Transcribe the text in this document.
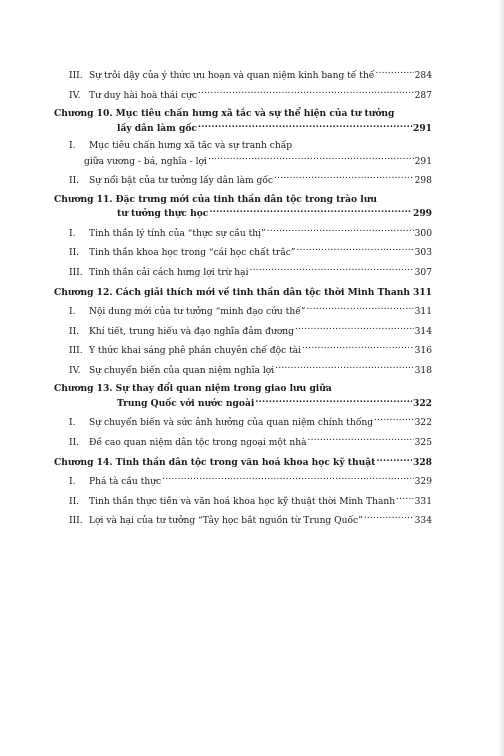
III. Sự trỗi dậy của ý thức ưu hoạn và quan niệm kinh bang tế thế .....	284
IV. Tư duy hài hoà thái cực .....	287
Chương 10. Mục tiêu chấn hưng xã tắc và sự thể hiện của tư tưởng
lấy dân làm gốc .....	291
I.	Mục tiêu chấn hưng xã tắc và sự tranh chấp
giữa vương - bá, nghĩa - lợi .....	291
II.	Sự nổi bật của tư tưởng lấy dân làm gốc .....	298
Chương 11. Đặc trưng mới của tinh thần dân tộc trong trào lưu
tư tưởng thực học .....	299
I.	Tinh thần lý tính của “thực sự cầu thị” .....	300
II.	Tinh thần khoa học trong “cái học chất trắc” .....	303
III. Tinh thần cải cách hưng lợi trừ hại .....	307
Chương 12. Cách giải thích mới về tinh thần dân tộc thời Minh Thanh ..... 311
I.	Nội dung mới của tư tưởng “minh đạo cứu thế” .....	311
II.	Khí tiết, trung hiếu và đạo nghĩa đảm đương .....	314
III. Ý thức khai sáng phê phán chuyên chế độc tài .....	316
IV. Sự chuyển biến của quan niệm nghĩa lợi .....	318
Chương 13. Sự thay đổi quan niệm trong giao lưu giữa
Trung Quốc với nước ngoài .....	322
I.	Sự chuyển biến và sức ảnh hưởng của quan niệm chính thống .....	322
II.	Đề cao quan niệm dân tộc trong ngoại một nhà .....	325
Chương 14. Tinh thần dân tộc trong văn hoá khoa học kỹ thuật .....	328
I.	Phá tà cầu thực .....	329
II.	Tinh thần thực tiễn và văn hoá khoa học kỹ thuật thời Minh Thanh ..... 331
III. Lợi và hại của tư tưởng “Tây học bắt nguồn từ Trung Quốc” .....	334
